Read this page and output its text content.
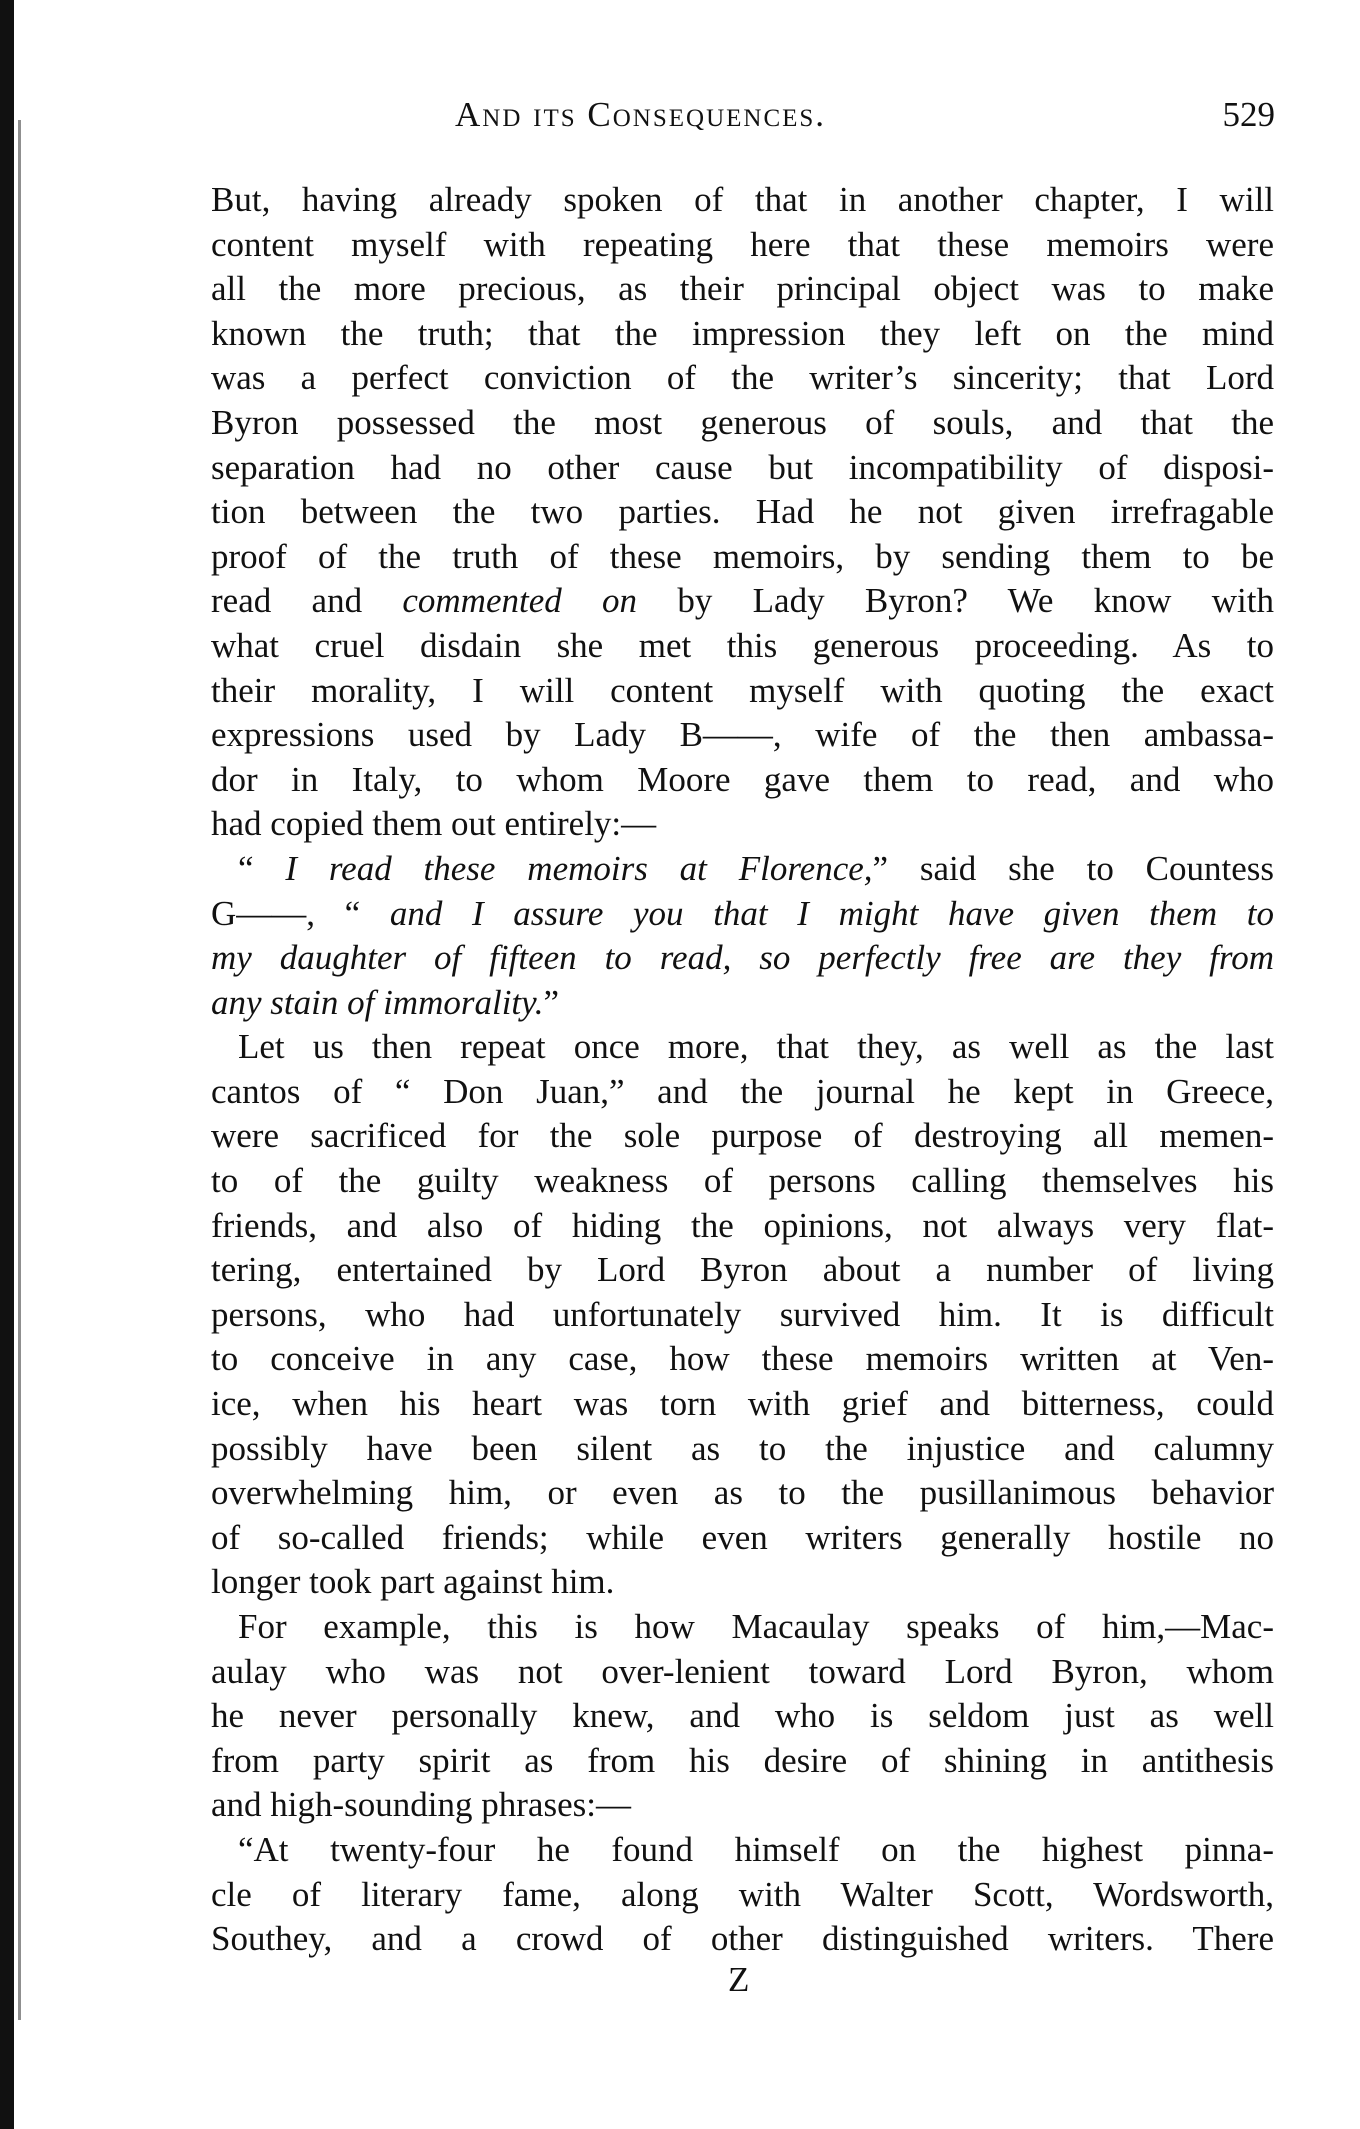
And its Consequences.	529
But, having already spoken of that in another chapter, I will
content myself with repeating here that these memoirs were
all the more precious, as their principal object was to make
known the truth; that the impression they left on the mind
was a perfect conviction of the writer’s sincerity; that Lord
Byron possessed the most generous of souls, and that the
separation had no other cause but incompatibility of disposi-
tion between the two parties. Had he not given irrefragable
proof of the truth of these memoirs, by sending them to be
read and commented on by Lady Byron? We know with
what cruel disdain she met this generous proceeding. As to
their morality, I will content myself with quoting the exact
expressions used by Lady B——, wife of the then ambassa-
dor in Italy, to whom Moore gave them to read, and who
had copied them out entirely:—
“ I read these memoirs at Florence,” said she to Countess
G——, “ and I assure you that I might have given them to
my daughter of fifteen to read, so perfectly free are they from
any stain of immorality.”
Let us then repeat once more, that they, as well as the last
cantos of “ Don Juan,” and the journal he kept in Greece,
were sacrificed for the sole purpose of destroying all memen-
to of the guilty weakness of persons calling themselves his
friends, and also of hiding the opinions, not always very flat-
tering, entertained by Lord Byron about a number of living
persons, who had unfortunately survived him. It is difficult
to conceive in any case, how these memoirs written at Ven-
ice, when his heart was torn with grief and bitterness, could
possibly have been silent as to the injustice and calumny
overwhelming him, or even as to the pusillanimous behavior
of so-called friends; while even writers generally hostile no
longer took part against him.
For example, this is how Macaulay speaks of him,—Mac-
aulay who was not over-lenient toward Lord Byron, whom
he never personally knew, and who is seldom just as well
from party spirit as from his desire of shining in antithesis
and high-sounding phrases:—
“At twenty-four he found himself on the highest pinna-
cle of literary fame, along with Walter Scott, Wordsworth,
Southey, and a crowd of other distinguished writers. There
Z
